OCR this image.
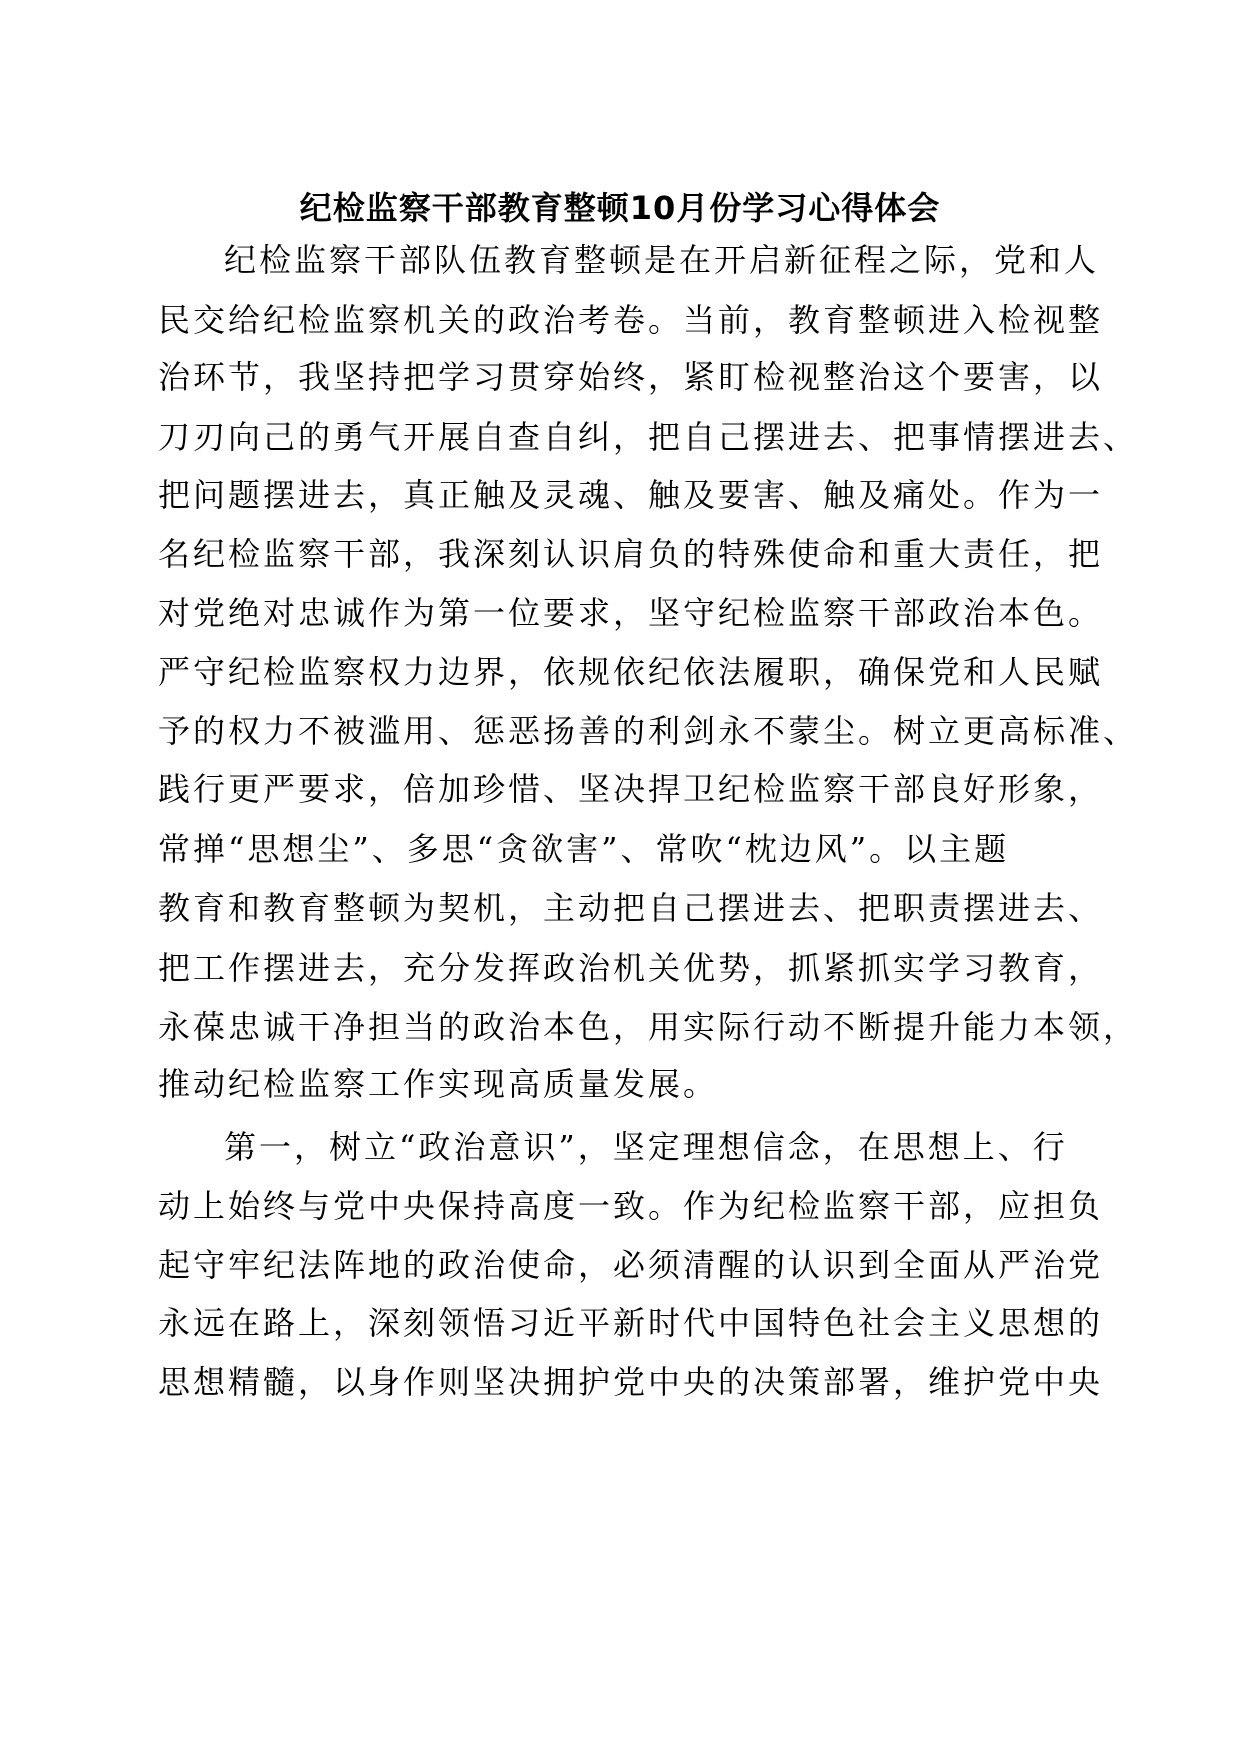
纪检监察干部教育整顿10月份学习心得体会
纪检监察干部队伍教育整顿是在开启新征程之际，党和人
民交给纪检监察机关的政治考卷。当前，教育整顿进入检视整
治环节，我坚持把学习贯穿始终，紧盯检视整治这个要害，以
刀刃向己的勇气开展自查自纠，把自己摆进去、把事情摆进去、
把问题摆进去，真正触及灵魂、触及要害、触及痛处。作为一
名纪检监察干部，我深刻认识肩负的特殊使命和重大责任，把
对党绝对忠诚作为第一位要求，坚守纪检监察干部政治本色。
严守纪检监察权力边界，依规依纪依法履职，确保党和人民赋
予的权力不被滥用、惩恶扬善的利剑永不蒙尘。树立更高标准、
践行更严要求，倍加珍惜、坚决捍卫纪检监察干部良好形象，
常掸“思想尘”、多思“贪欲害”、常吹“枕边风”。以主题
教育和教育整顿为契机，主动把自己摆进去、把职责摆进去、
把工作摆进去，充分发挥政治机关优势，抓紧抓实学习教育，
永葆忠诚干净担当的政治本色，用实际行动不断提升能力本领，
推动纪检监察工作实现高质量发展。
第一，树立“政治意识”，坚定理想信念，在思想上、行
动上始终与党中央保持高度一致。作为纪检监察干部，应担负
起守牢纪法阵地的政治使命，必须清醒的认识到全面从严治党
永远在路上，深刻领悟习近平新时代中国特色社会主义思想的
思想精髓，以身作则坚决拥护党中央的决策部署，维护党中央
